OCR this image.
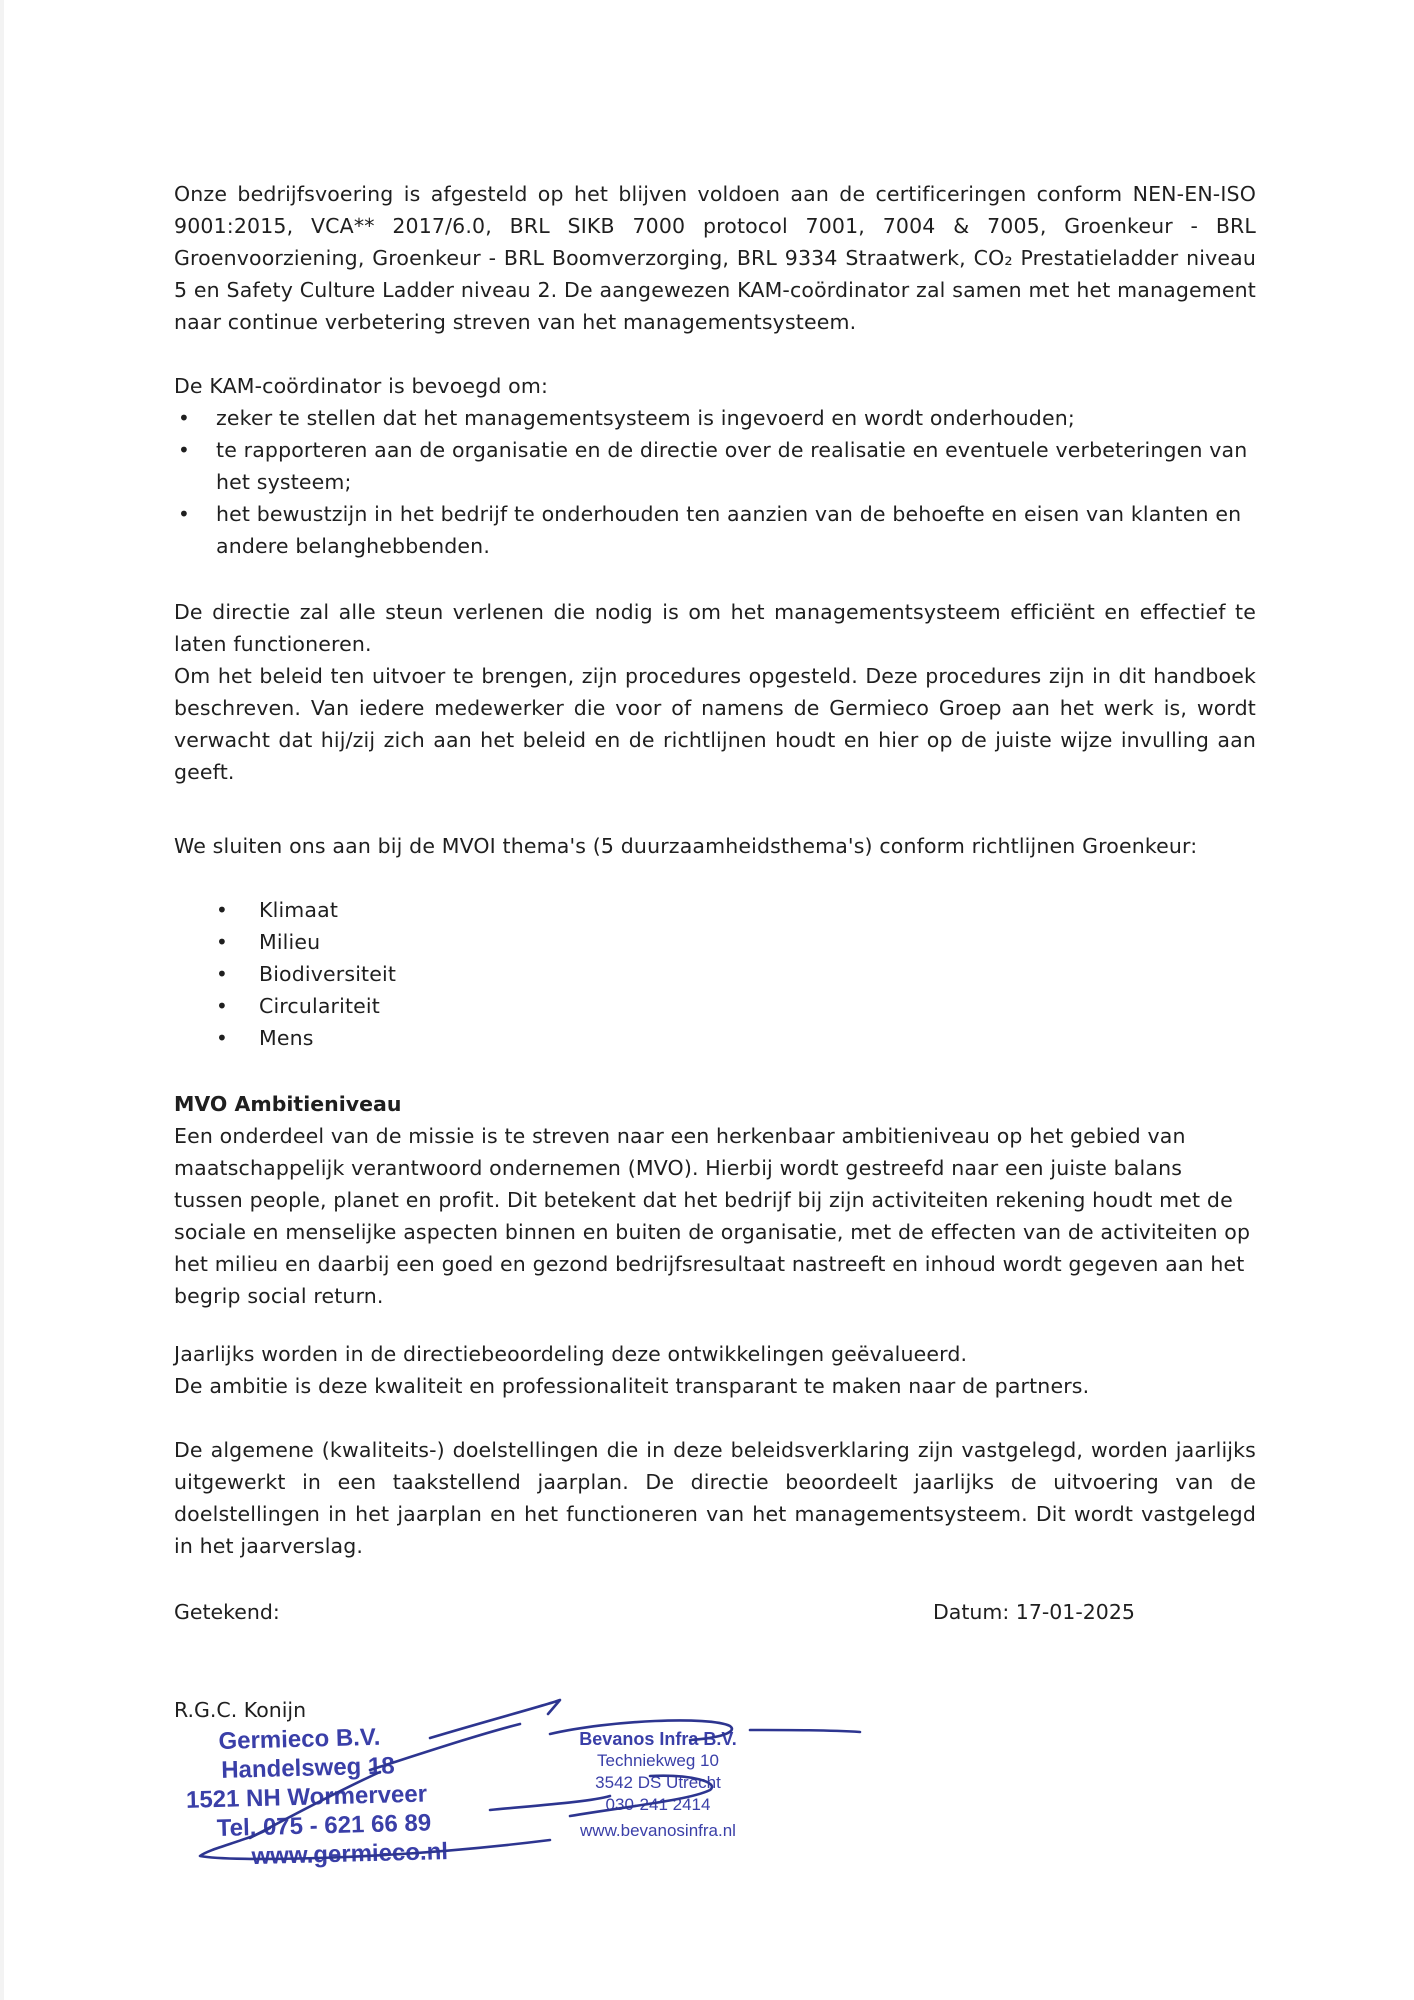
Onze bedrijfsvoering is afgesteld op het blijven voldoen aan de certificeringen conform NEN-EN-ISO 9001:2015, VCA** 2017/6.0, BRL SIKB 7000 protocol 7001, 7004 & 7005, Groenkeur - BRL Groenvoorziening, Groenkeur - BRL Boomverzorging, BRL 9334 Straatwerk, CO₂ Prestatieladder niveau 5 en Safety Culture Ladder niveau 2. De aangewezen KAM-coördinator zal samen met het management naar continue verbetering streven van het managementsysteem.

De KAM-coördinator is bevoegd om:

• zeker te stellen dat het managementsysteem is ingevoerd en wordt onderhouden;
• te rapporteren aan de organisatie en de directie over de realisatie en eventuele verbeteringen van het systeem;
• het bewustzijn in het bedrijf te onderhouden ten aanzien van de behoefte en eisen van klanten en andere belanghebbenden.

De directie zal alle steun verlenen die nodig is om het managementsysteem efficiënt en effectief te laten functioneren.

Om het beleid ten uitvoer te brengen, zijn procedures opgesteld. Deze procedures zijn in dit handboek beschreven. Van iedere medewerker die voor of namens de Germieco Groep aan het werk is, wordt verwacht dat hij/zij zich aan het beleid en de richtlijnen houdt en hier op de juiste wijze invulling aan geeft.

We sluiten ons aan bij de MVOI thema's (5 duurzaamheidsthema's) conform richtlijnen Groenkeur:

• Klimaat
• Milieu
• Biodiversiteit
• Circulariteit
• Mens
MVO Ambitieniveau

Een onderdeel van de missie is te streven naar een herkenbaar ambitieniveau op het gebied van maatschappelijk verantwoord ondernemen (MVO). Hierbij wordt gestreefd naar een juiste balans tussen people, planet en profit. Dit betekent dat het bedrijf bij zijn activiteiten rekening houdt met de sociale en menselijke aspecten binnen en buiten de organisatie, met de effecten van de activiteiten op het milieu en daarbij een goed en gezond bedrijfsresultaat nastreeft en inhoud wordt gegeven aan het begrip social return.

Jaarlijks worden in de directiebeoordeling deze ontwikkelingen geëvalueerd.

De ambitie is deze kwaliteit en professionaliteit transparant te maken naar de partners.

De algemene (kwaliteits-) doelstellingen die in deze beleidsverklaring zijn vastgelegd, worden jaarlijks uitgewerkt in een taakstellend jaarplan. De directie beoordeelt jaarlijks de uitvoering van de doelstellingen in het jaarplan en het functioneren van het managementsysteem. Dit wordt vastgelegd in het jaarverslag.

Getekend:	Datum: 17-01-2025
R.G.C. Konijn
Germieco B.V.
Handelsweg 18
1521 NH Wormerveer
Tel. 075 - 621 66 89
www.germieco.nl
Bevanos Infra B.V.
Techniekweg 10
3542 DS Utrecht
030-241 2414
www.bevanosinfra.nl
